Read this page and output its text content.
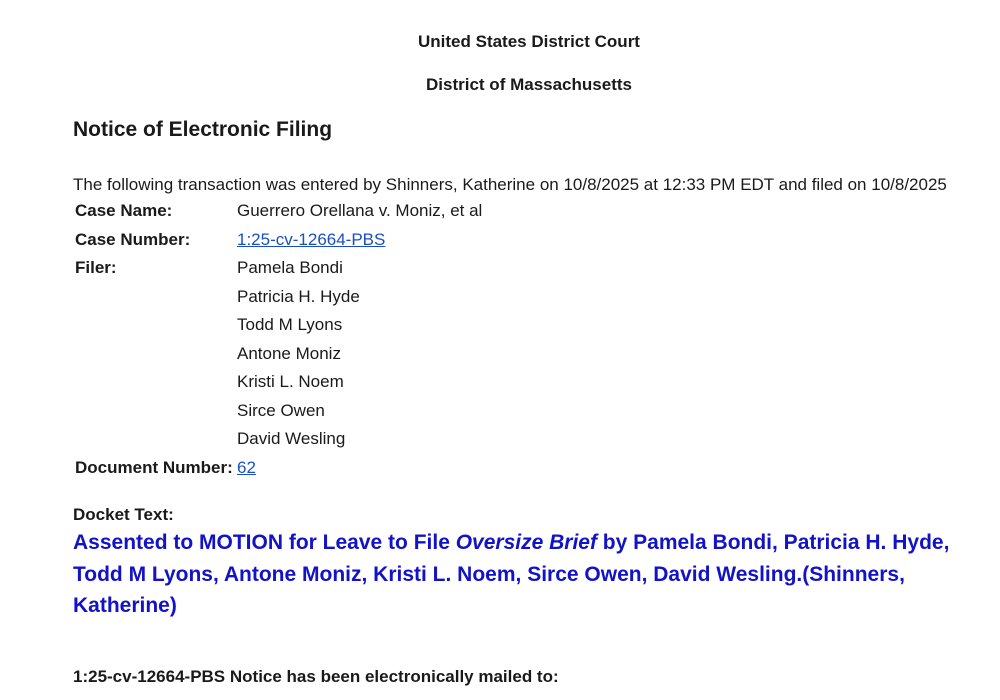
United States District Court
District of Massachusetts
Notice of Electronic Filing
The following transaction was entered by Shinners, Katherine on 10/8/2025 at 12:33 PM EDT and filed on 10/8/2025
Case Name:	Guerrero Orellana v. Moniz, et al
Case Number:	1:25-cv-12664-PBS
Filer:	Pamela Bondi
	Patricia H. Hyde
	Todd M Lyons
	Antone Moniz
	Kristi L. Noem
	Sirce Owen
	David Wesling
Document Number:	62
Docket Text:
Assented to MOTION for Leave to File Oversize Brief by Pamela Bondi, Patricia H. Hyde, Todd M Lyons, Antone Moniz, Kristi L. Noem, Sirce Owen, David Wesling.(Shinners, Katherine)
1:25-cv-12664-PBS Notice has been electronically mailed to:
